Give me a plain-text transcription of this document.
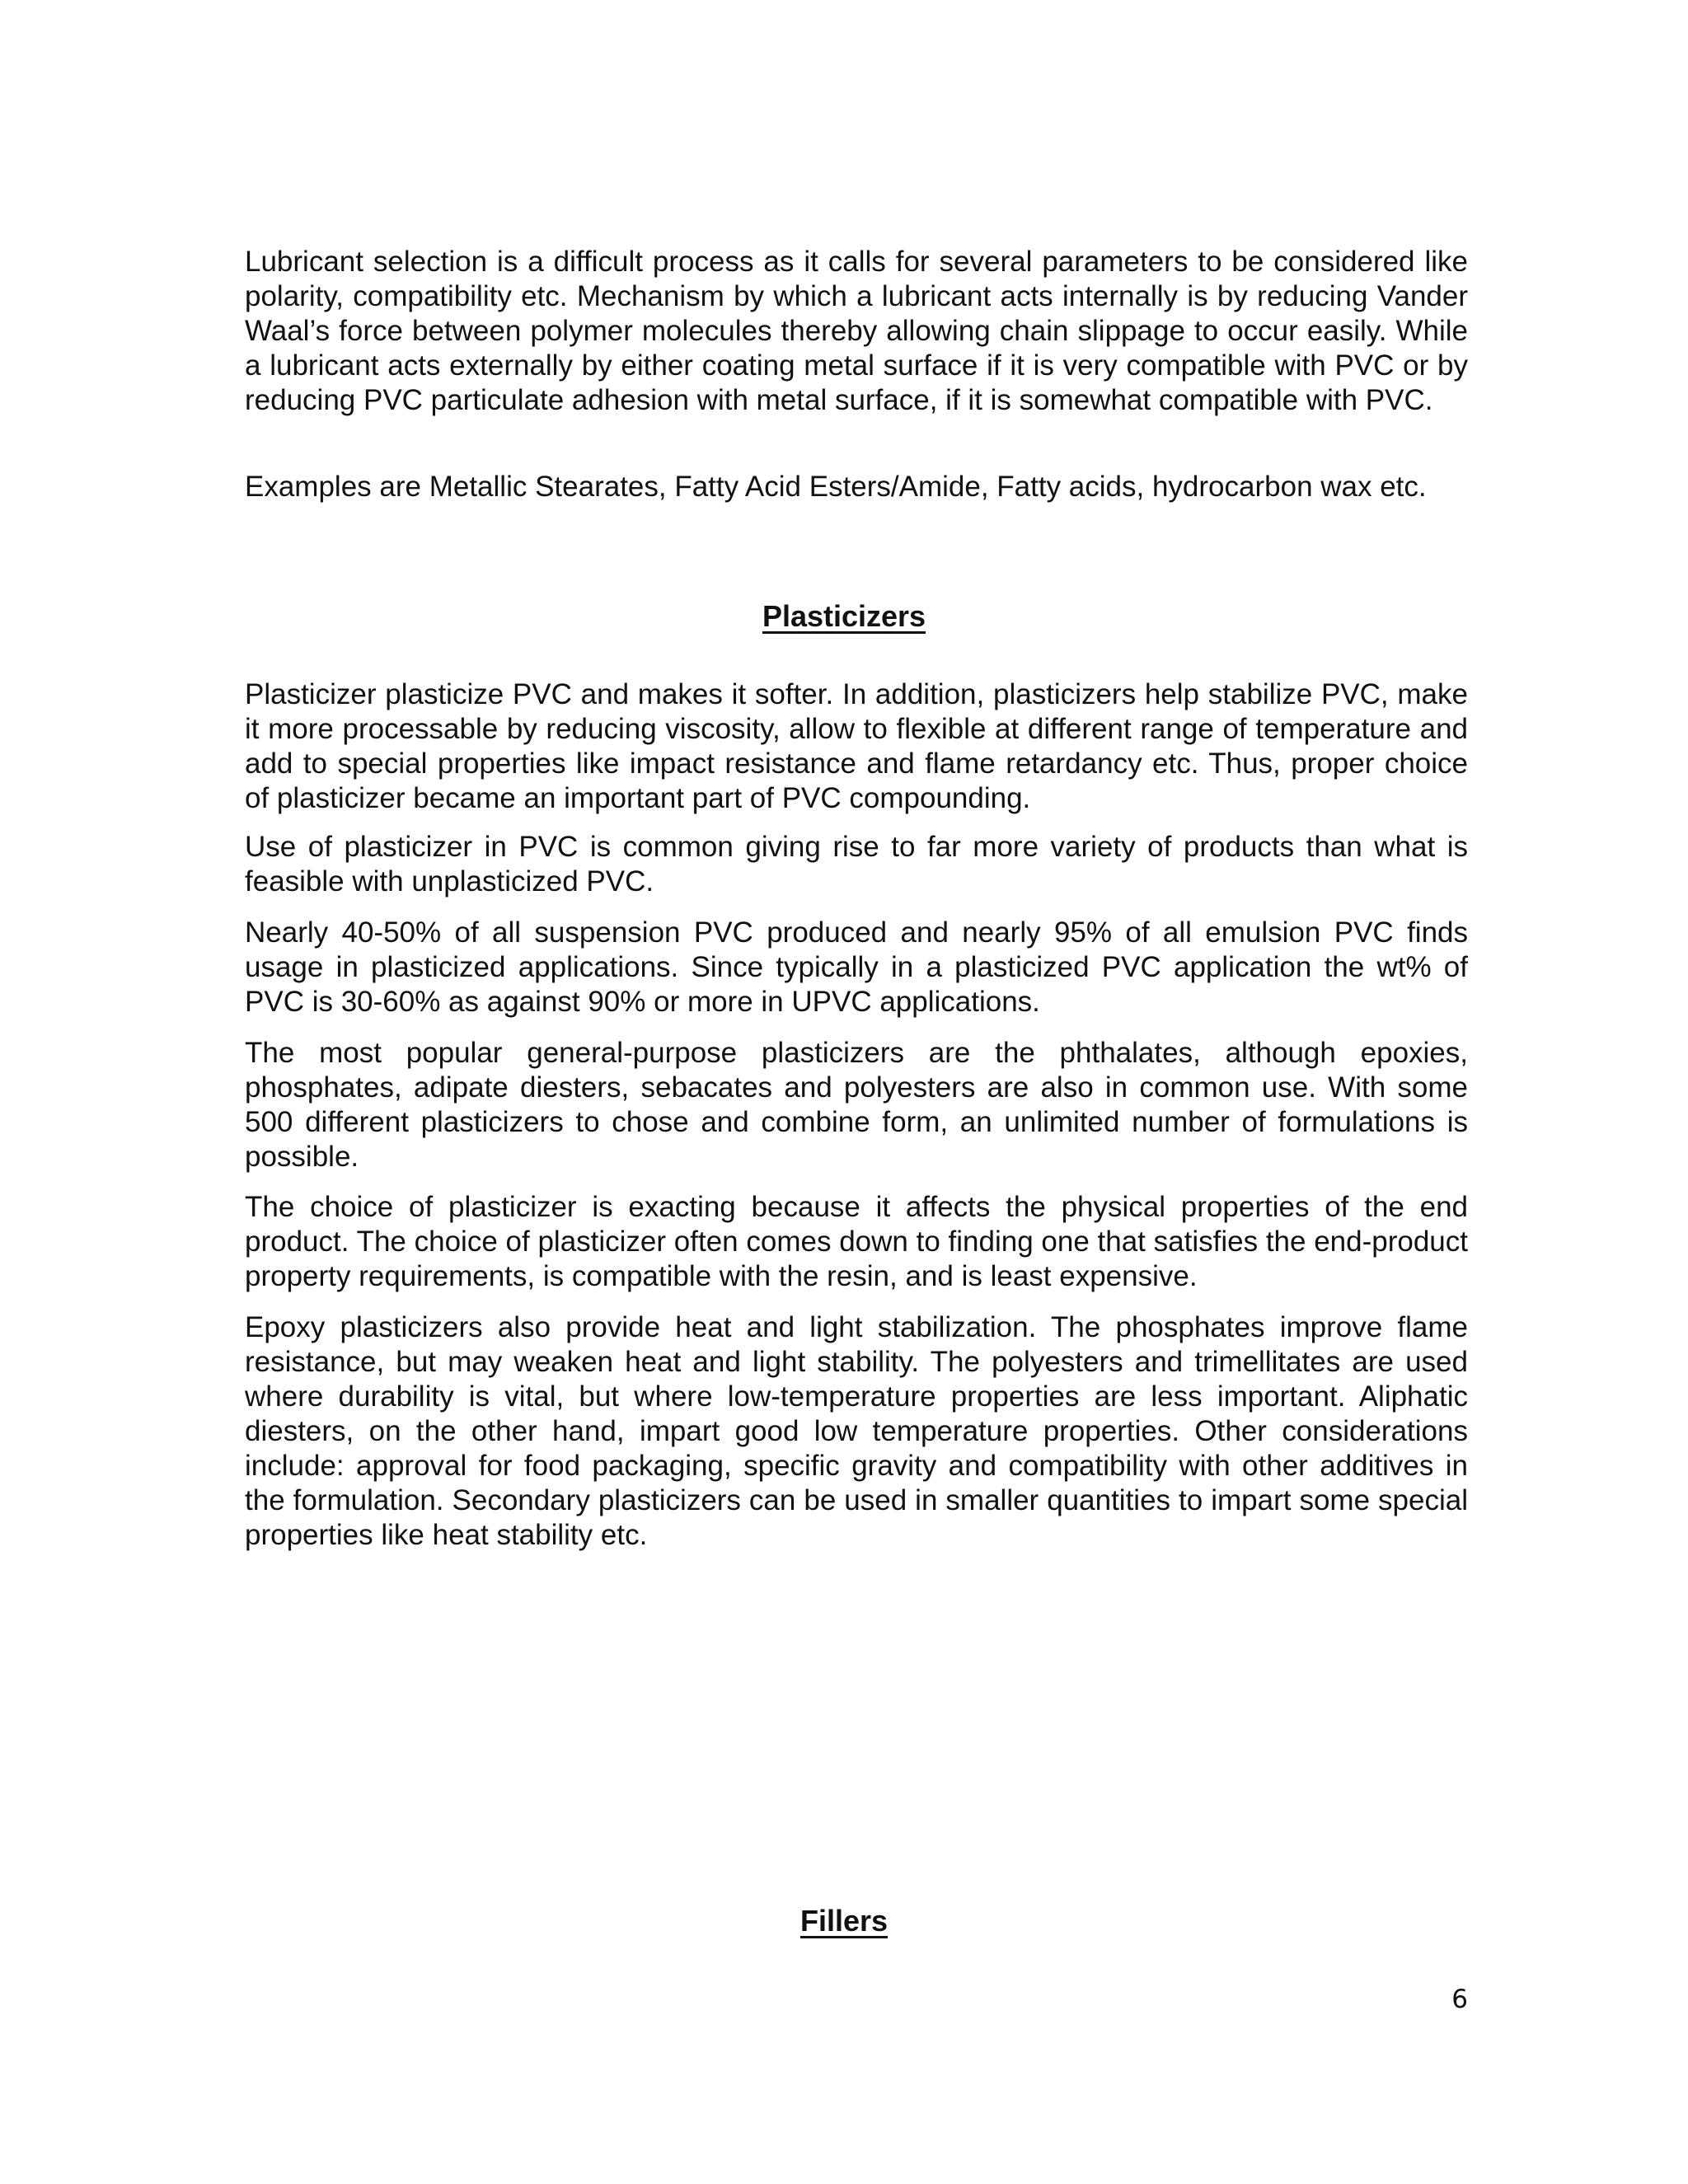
Lubricant selection is a difficult process as it calls for several parameters to be considered like polarity, compatibility etc. Mechanism by which a lubricant acts internally is by reducing Vander Waal’s force between polymer molecules thereby allowing chain slippage to occur easily. While a lubricant acts externally by either coating metal surface if it is very compatible with PVC or by reducing PVC particulate adhesion with metal surface, if it is somewhat compatible with PVC.

Examples are Metallic Stearates, Fatty Acid Esters/Amide, Fatty acids, hydrocarbon wax etc.

Plasticizers

Plasticizer plasticize PVC and makes it softer. In addition, plasticizers help stabilize PVC, make it more processable by reducing viscosity, allow to flexible at different range of temperature and add to special properties like impact resistance and flame retardancy etc. Thus, proper choice of plasticizer became an important part of PVC compounding.

Use of plasticizer in PVC is common giving rise to far more variety of products than what is feasible with unplasticized PVC.

Nearly 40-50% of all suspension PVC produced and nearly 95% of all emulsion PVC finds usage in plasticized applications. Since typically in a plasticized PVC application the wt% of PVC is 30-60% as against 90% or more in UPVC applications.

The most popular general-purpose plasticizers are the phthalates, although epoxies, phosphates, adipate diesters, sebacates and polyesters are also in common use. With some 500 different plasticizers to chose and combine form, an unlimited number of formulations is possible.

The choice of plasticizer is exacting because it affects the physical properties of the end product. The choice of plasticizer often comes down to finding one that satisfies the end-product property requirements, is compatible with the resin, and is least expensive.

Epoxy plasticizers also provide heat and light stabilization. The phosphates improve flame resistance, but may weaken heat and light stability. The polyesters and trimellitates are used where durability is vital, but where low-temperature properties are less important. Aliphatic diesters, on the other hand, impart good low temperature properties. Other considerations include: approval for food packaging, specific gravity and compatibility with other additives in the formulation. Secondary plasticizers can be used in smaller quantities to impart some special properties like heat stability etc.

Fillers
6
